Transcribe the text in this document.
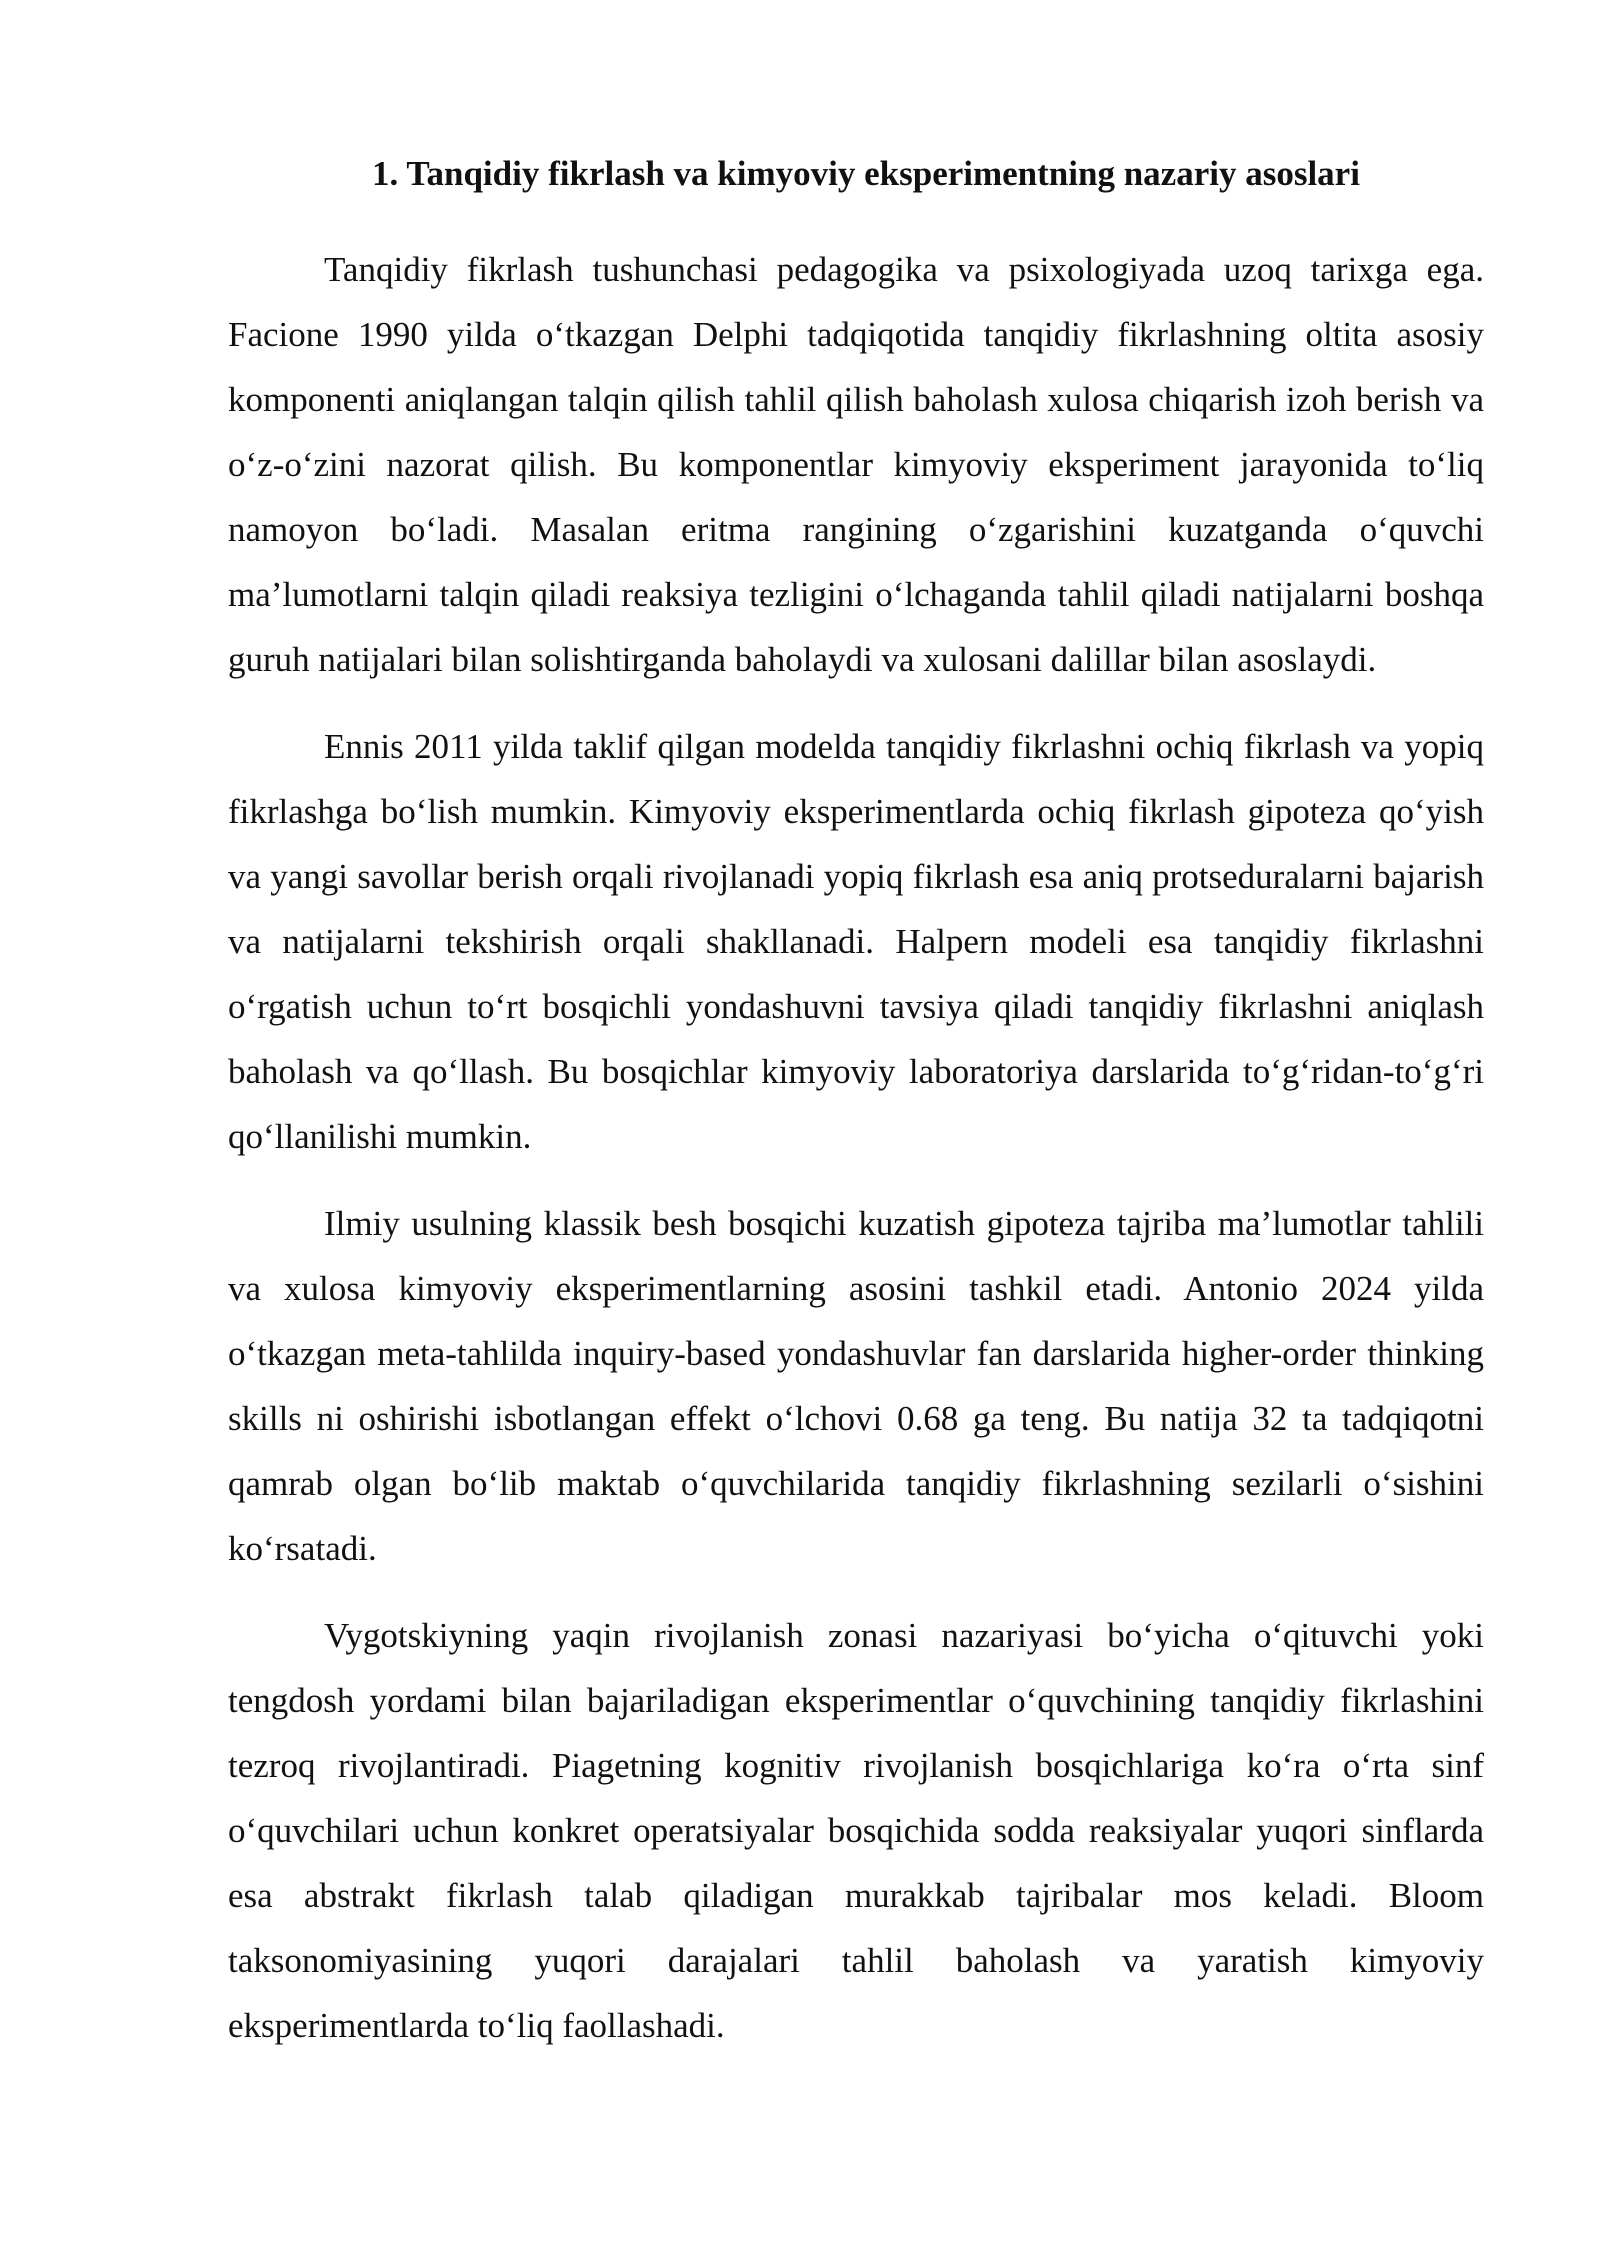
1. Tanqidiy fikrlash va kimyoviy eksperimentning nazariy asoslari

Tanqidiy fikrlash tushunchasi pedagogika va psixologiyada uzoq tarixga ega. Facione 1990 yilda o‘tkazgan Delphi tadqiqotida tanqidiy fikrlashning oltita asosiy komponenti aniqlangan talqin qilish tahlil qilish baholash xulosa chiqarish izoh berish va o‘z-o‘zini nazorat qilish. Bu komponentlar kimyoviy eksperiment jarayonida to‘liq namoyon bo‘ladi. Masalan eritma rangining o‘zgarishini kuzatganda o‘quvchi ma’lumotlarni talqin qiladi reaksiya tezligini o‘lchaganda tahlil qiladi natijalarni boshqa guruh natijalari bilan solishtirganda baholaydi va xulosani dalillar bilan asoslaydi.

Ennis 2011 yilda taklif qilgan modelda tanqidiy fikrlashni ochiq fikrlash va yopiq fikrlashga bo‘lish mumkin. Kimyoviy eksperimentlarda ochiq fikrlash gipoteza qo‘yish va yangi savollar berish orqali rivojlanadi yopiq fikrlash esa aniq protseduralarni bajarish va natijalarni tekshirish orqali shakllanadi. Halpern modeli esa tanqidiy fikrlashni o‘rgatish uchun to‘rt bosqichli yondashuvni tavsiya qiladi tanqidiy fikrlashni aniqlash baholash va qo‘llash. Bu bosqichlar kimyoviy laboratoriya darslarida to‘g‘ridan-to‘g‘ri qo‘llanilishi mumkin.

Ilmiy usulning klassik besh bosqichi kuzatish gipoteza tajriba ma’lumotlar tahlili va xulosa kimyoviy eksperimentlarning asosini tashkil etadi. Antonio 2024 yilda o‘tkazgan meta-tahlilda inquiry-based yondashuvlar fan darslarida higher-order thinking skills ni oshirishi isbotlangan effekt o‘lchovi 0.68 ga teng. Bu natija 32 ta tadqiqotni qamrab olgan bo‘lib maktab o‘quvchilarida tanqidiy fikrlashning sezilarli o‘sishini ko‘rsatadi.

Vygotskiyning yaqin rivojlanish zonasi nazariyasi bo‘yicha o‘qituvchi yoki tengdosh yordami bilan bajariladigan eksperimentlar o‘quvchining tanqidiy fikrlashini tezroq rivojlantiradi. Piagetning kognitiv rivojlanish bosqichlariga ko‘ra o‘rta sinf o‘quvchilari uchun konkret operatsiyalar bosqichida sodda reaksiyalar yuqori sinflarda esa abstrakt fikrlash talab qiladigan murakkab tajribalar mos keladi. Bloom taksonomiyasining yuqori darajalari tahlil baholash va yaratish kimyoviy eksperimentlarda to‘liq faollashadi.
